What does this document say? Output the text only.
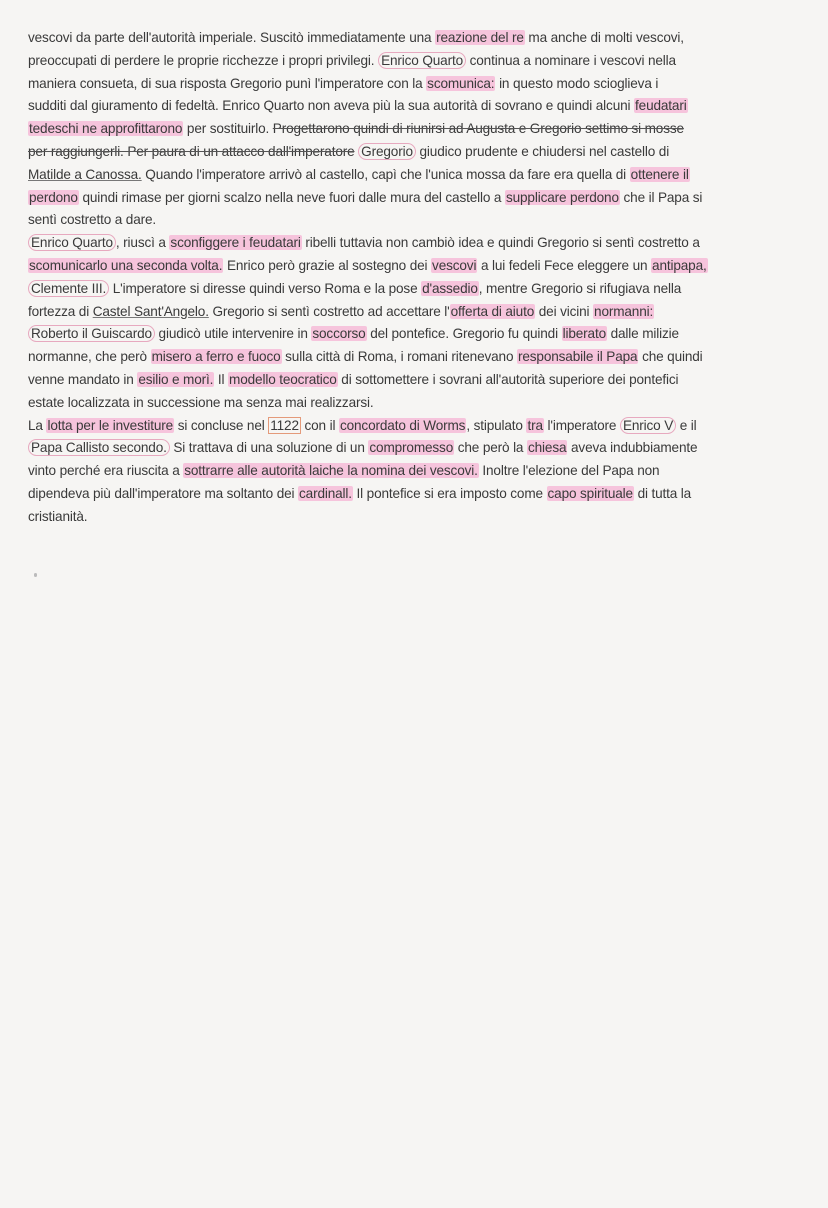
vescovi da parte dell'autorità imperiale. Suscitò immediatamente una reazione del re ma anche di molti vescovi,
preoccupati di perdere le proprie ricchezze i propri privilegi. Enrico Quarto continua a nominare i vescovi nella
maniera consueta, di sua risposta Gregorio punì l'imperatore con la scomunica: in questo modo scioglieva i
sudditi dal giuramento di fedeltà. Enrico Quarto non aveva più la sua autorità di sovrano e quindi alcuni feudatari
tedeschi ne approfittarono per sostituirlo. Progettarono quindi di riunirsi ad Augusta e Gregorio settimo si mosse
per raggiungerli. Per paura di un attacco dall'imperatore Gregorio giudico prudente e chiudersi nel castello di
Matilde a Canossa. Quando l'imperatore arrivò al castello, capì che l'unica mossa da fare era quella di ottenere il
perdono quindi rimase per giorni scalzo nella neve fuori dalle mura del castello a supplicare perdono che il Papa si
sentì costretto a dare.
Enrico Quarto , riuscì a sconfiggere i feudatari ribelli tuttavia non cambiò idea e quindi Gregorio si sentì costretto a
scomunicarlo una seconda volta. Enrico però grazie al sostegno dei vescovi a lui fedeli Fece eleggere un antipapa,
Clemente III. L'imperatore si diresse quindi verso Roma e la pose d'assedio, mentre Gregorio si rifugiava nella
fortezza di Castel Sant'Angelo. Gregorio si sentì costretto ad accettare l'offerta di aiuto dei vicini normanni:
Roberto il Guiscardo giudicò utile intervenire in soccorso del pontefice. Gregorio fu quindi liberato dalle milizie
normanne, che però misero a ferro e fuoco sulla città di Roma, i romani ritenevano responsabile il Papa che quindi
venne mandato in esilio e morì. Il modello teocratico di sottomettere i sovrani all'autorità superiore dei pontefici
estate localizzata in successione ma senza mai realizzarsi.
La lotta per le investiture si concluse nel 1122 con il concordato di Worms, stipulato tra l'imperatore Enrico V e il
Papa Callisto secondo. Si trattava di una soluzione di un compromesso che però la chiesa aveva indubbiamente
vinto perché era riuscita a sottrarre alle autorità laiche la nomina dei vescovi. Inoltre l'elezione del Papa non
dipendeva più dall'imperatore ma soltanto dei cardinall. Il pontefice si era imposto come capo spirituale di tutta la
cristianità.
